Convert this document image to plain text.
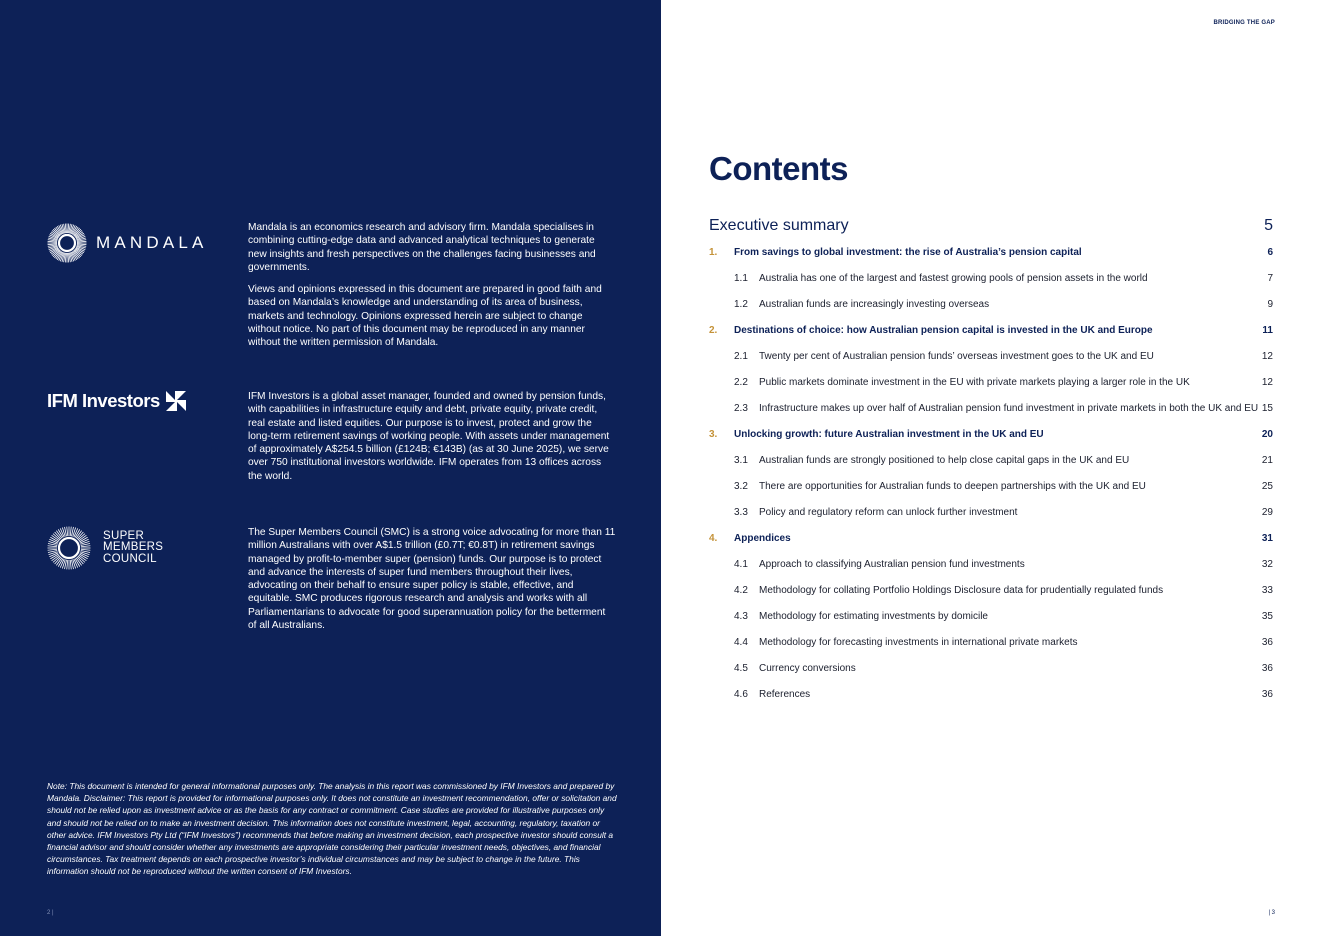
MANDALA

Mandala is an economics research and advisory firm. Mandala specialises in combining cutting-edge data and advanced analytical techniques to generate new insights and fresh perspectives on the challenges facing businesses and governments.

Views and opinions expressed in this document are prepared in good faith and based on Mandala’s knowledge and understanding of its area of business, markets and technology. Opinions expressed herein are subject to change without notice. No part of this document may be reproduced in any manner without the written permission of Mandala.

IFM Investors	IFM Investors is a global asset manager, founded and owned by pension funds, with capabilities in infrastructure equity and debt, private equity, private credit, real estate and listed equities. Our purpose is to invest, protect and grow the long-term retirement savings of working people. With assets under management of approximately A$254.5 billion (£124B; €143B) (as at 30 June 2025), we serve over 750 institutional investors worldwide. IFM operates from 13 offices across the world.

SUPER
MEMBERS
COUNCIL

The Super Members Council (SMC) is a strong voice advocating for more than 11 million Australians with over A$1.5 trillion (£0.7T; €0.8T) in retirement savings managed by profit-to-member super (pension) funds. Our purpose is to protect and advance the interests of super fund members throughout their lives, advocating on their behalf to ensure super policy is stable, effective, and equitable. SMC produces rigorous research and analysis and works with all Parliamentarians to advocate for good superannuation policy for the betterment of all Australians.

Note: This document is intended for general informational purposes only. The analysis in this report was commissioned by IFM Investors and prepared by Mandala. Disclaimer: This report is provided for informational purposes only. It does not constitute an investment recommendation, offer or solicitation and should not be relied upon as investment advice or as the basis for any contract or commitment. Case studies are provided for illustrative purposes only and should not be relied on to make an investment decision. This information does not constitute investment, legal, accounting, regulatory, taxation or other advice. IFM Investors Pty Ltd (“IFM Investors”) recommends that before making an investment decision, each prospective investor should consult a financial advisor and should consider whether any investments are appropriate considering their particular investment needs, objectives, and financial circumstances. Tax treatment depends on each prospective investor’s individual circumstances and may be subject to change in the future. This information should not be reproduced without the written consent of IFM Investors.

2 |
BRIDGING THE GAP
Contents
Executive summary	5
1. From savings to global investment: the rise of Australia’s pension capital	6
1.1 Australia has one of the largest and fastest growing pools of pension assets in the world	7
1.2 Australian funds are increasingly investing overseas	9
2. Destinations of choice: how Australian pension capital is invested in the UK and Europe	11
2.1 Twenty per cent of Australian pension funds’ overseas investment goes to the UK and EU	12
2.2 Public markets dominate investment in the EU with private markets playing a larger role in the UK	12
2.3 Infrastructure makes up over half of Australian pension fund investment in private markets in both the UK and EU 15
3. Unlocking growth: future Australian investment in the UK and EU	20
3.1 Australian funds are strongly positioned to help close capital gaps in the UK and EU	21
3.2 There are opportunities for Australian funds to deepen partnerships with the UK and EU	25
3.3 Policy and regulatory reform can unlock further investment	29
4. Appendices	31
4.1 Approach to classifying Australian pension fund investments	32
4.2 Methodology for collating Portfolio Holdings Disclosure data for prudentially regulated funds	33
4.3 Methodology for estimating investments by domicile	35
4.4 Methodology for forecasting investments in international private markets	36
4.5 Currency conversions	36
4.6 References	36
| 3
